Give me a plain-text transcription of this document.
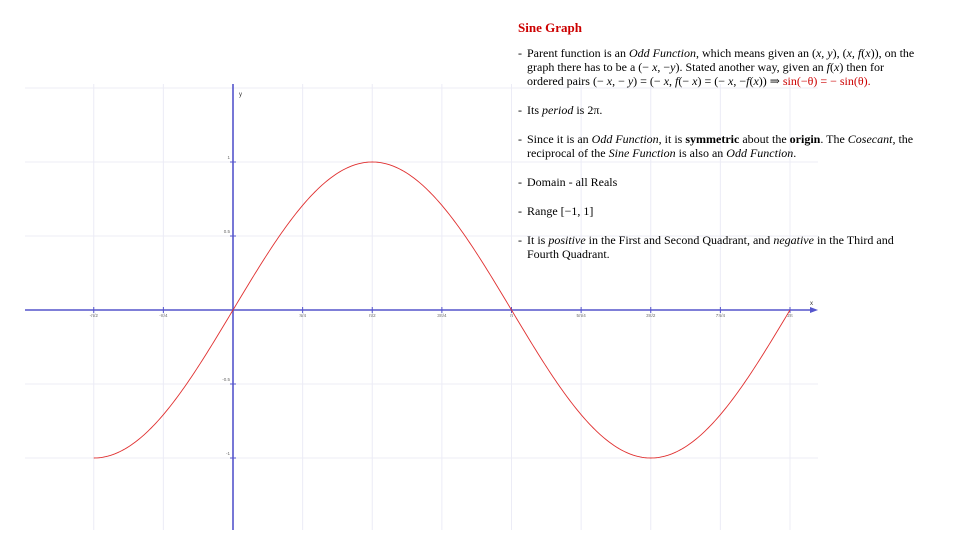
y
x
-π/2	-π/4	π/4	π/2	3π/4	π	5π/4	3π/2	7π/4	2π
1
0.5
-0.5
-1
Sine Graph
- Parent function is an Odd Function, which means given an (x, y), (x, f(x)), on the graph there has to be a (− x, −y). Stated another way, given an f(x) then for ordered pairs (− x, − y) = (− x, f(− x) = (− x, −f(x)) ⇒ sin(−θ) = − sin(θ).
- Its period is 2π.
- Since it is an Odd Function, it is symmetric about the origin. The Cosecant, the reciprocal of the Sine Function is also an Odd Function.
- Domain - all Reals
- Range [−1, 1]
- It is positive in the First and Second Quadrant, and negative in the Third and Fourth Quadrant.
